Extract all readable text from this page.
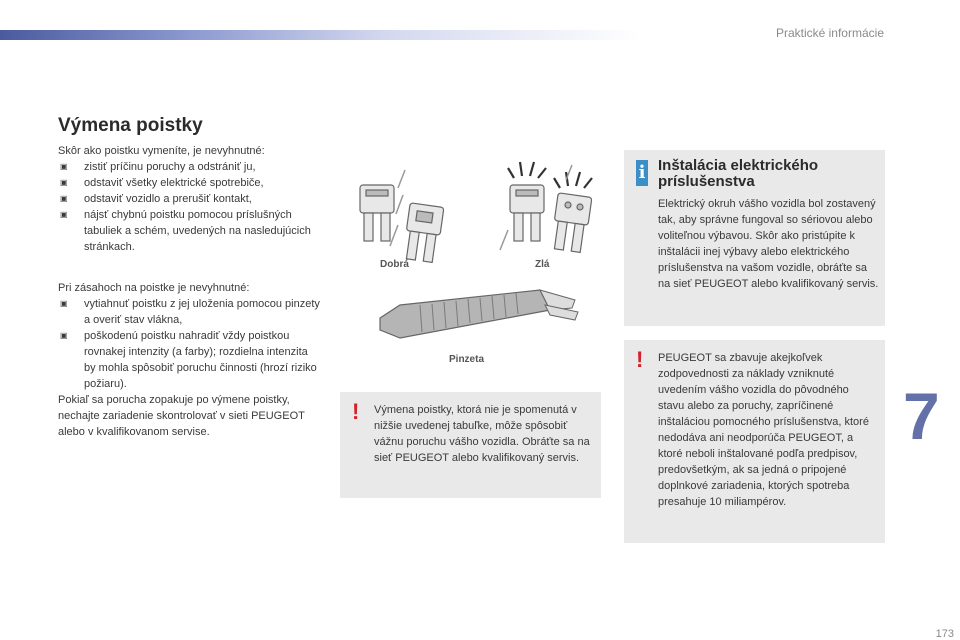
Praktické informácie
7
173
Výmena poistky

Skôr ako poistku vymeníte, je nevyhnutné:

▣ zistiť príčinu poruchy a odstrániť ju,
▣ odstaviť všetky elektrické spotrebiče,
▣ odstaviť vozidlo a prerušiť kontakt,
▣ nájsť chybnú poistku pomocou príslušných tabuliek a schém, uvedených na nasledujúcich stránkach.

Pri zásahoch na poistke je nevyhnutné:

▣ vytiahnuť poistku z jej uloženia pomocou pinzety a overiť stav vlákna,
▣ poškodenú poistku nahradiť vždy poistkou rovnakej intenzity (a farby); rozdielna intenzita by mohla spôsobiť poruchu činnosti (hrozí riziko požiaru).

Pokiaľ sa porucha zopakuje po výmene poistky, nechajte zariadenie skontrolovať v sieti PEUGEOT alebo v kvalifikovanom servise.

Dobrá	Zlá
Pinzeta
! Výmena poistky, ktorá nie je spomenutá v nižšie uvedenej tabuľke, môže spôsobiť vážnu poruchu vášho vozidla. Obráťte sa na sieť PEUGEOT alebo kvalifikovaný servis.
i Inštalácia elektrického príslušenstva
Elektrický okruh vášho vozidla bol zostavený tak, aby správne fungoval so sériovou alebo voliteľnou výbavou. Skôr ako pristúpite k inštalácii inej výbavy alebo elektrického príslušenstva na vašom vozidle, obráťte sa na sieť PEUGEOT alebo kvalifikovaný servis.
! PEUGEOT sa zbavuje akejkoľvek zodpovednosti za náklady vzniknuté uvedením vášho vozidla do pôvodného stavu alebo za poruchy, zapríčinené inštaláciou pomocného príslušenstva, ktoré nedodáva ani neodporúča PEUGEOT, a ktoré neboli inštalované podľa predpisov, predovšetkým, ak sa jedná o pripojené doplnkové zariadenia, ktorých spotreba presahuje 10 miliampérov.
